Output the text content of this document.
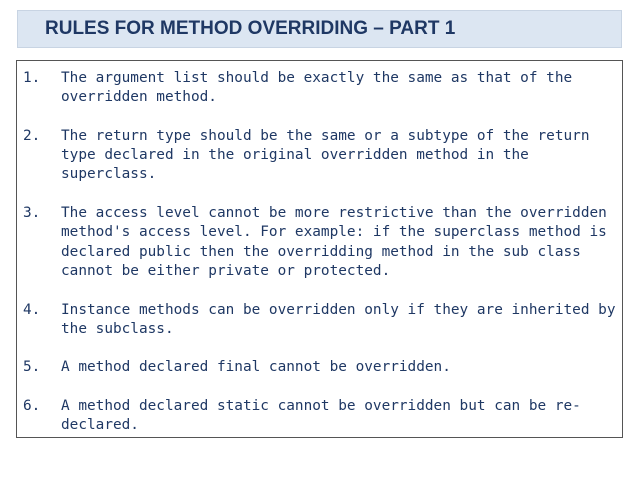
RULES FOR METHOD OVERRIDING – PART 1
1.	The argument list should be exactly the same as that of the
overridden method.
2.	The return type should be the same or a subtype of the return
type declared in the original overridden method in the
superclass.
3.	The access level cannot be more restrictive than the overridden
method's access level. For example: if the superclass method is
declared public then the overridding method in the sub class
cannot be either private or protected.
4.	Instance methods can be overridden only if they are inherited by
the subclass.
5.	A method declared final cannot be overridden.
6.	A method declared static cannot be overridden but can be re-
declared.
